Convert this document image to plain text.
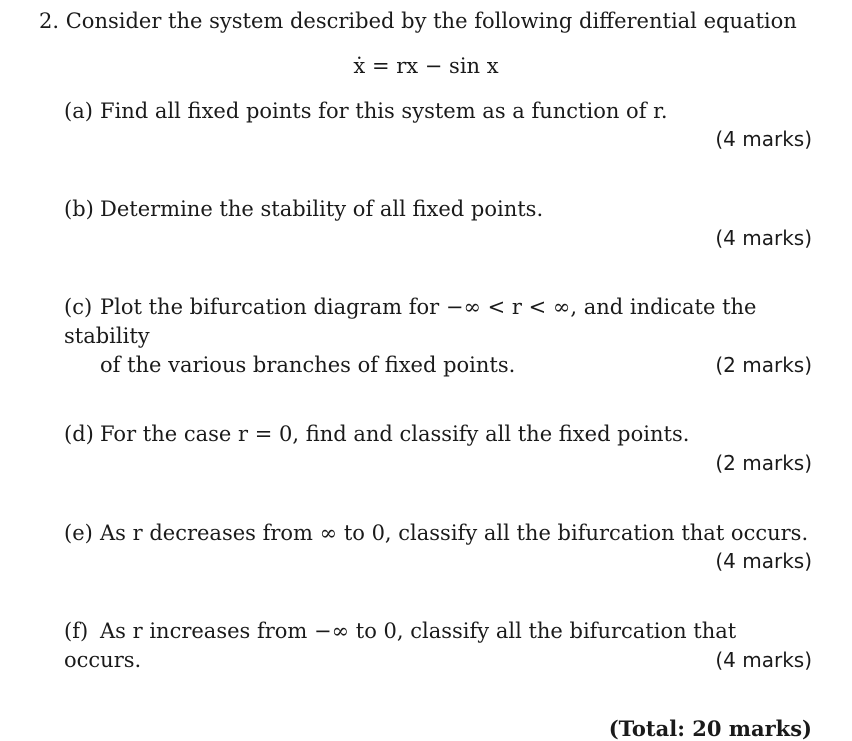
2. Consider the system described by the following differential equation
ẋ = rx − sin x
(a) Find all fixed points for this system as a function of r.
(4 marks)
(b) Determine the stability of all fixed points.
(4 marks)
(c) Plot the bifurcation diagram for −∞ < r < ∞, and indicate the stability
of the various branches of fixed points.	(2 marks)
(d) For the case r = 0, find and classify all the fixed points.
(2 marks)
(e) As r decreases from ∞ to 0, classify all the bifurcation that occurs.
(4 marks)
(f) As r increases from −∞ to 0, classify all the bifurcation that occurs.	(4 marks)
(Total: 20 marks)
